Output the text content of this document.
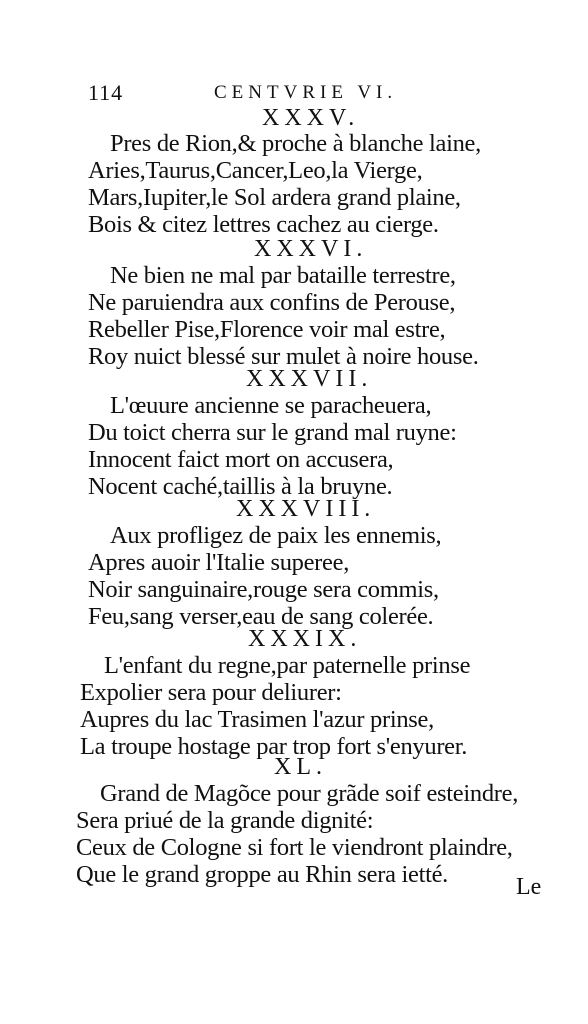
114	CENTVRIE VI.
XXXV.
Pres de Rion,& proche à blanche laine,
Aries,Taurus,Cancer,Leo,la Vierge,
Mars,Iupiter,le Sol ardera grand plaine,
Bois & citez lettres cachez au cierge.
XXXVI.
Ne bien ne mal par bataille terrestre,
Ne paruiendra aux confins de Perouse,
Rebeller Pise,Florence voir mal estre,
Roy nuict blessé sur mulet à noire house.
XXXVII.
L'œuure ancienne se paracheuera,
Du toict cherra sur le grand mal ruyne:
Innocent faict mort on accusera,
Nocent caché,taillis à la bruyne.
XXXVIII.
Aux profligez de paix les ennemis,
Apres auoir l'Italie superee,
Noir sanguinaire,rouge sera commis,
Feu,sang verser,eau de sang colerée.
XXXIX.
L'enfant du regne,par paternelle prinse
Expolier sera pour deliurer:
Aupres du lac Trasimen l'azur prinse,
La troupe hostage par trop fort s'enyurer.
XL.
Grand de Magõce pour grãde soif esteindre,
Sera priué de la grande dignité:
Ceux de Cologne si fort le viendront plaindre,
Que le grand groppe au Rhin sera ietté.	Le
